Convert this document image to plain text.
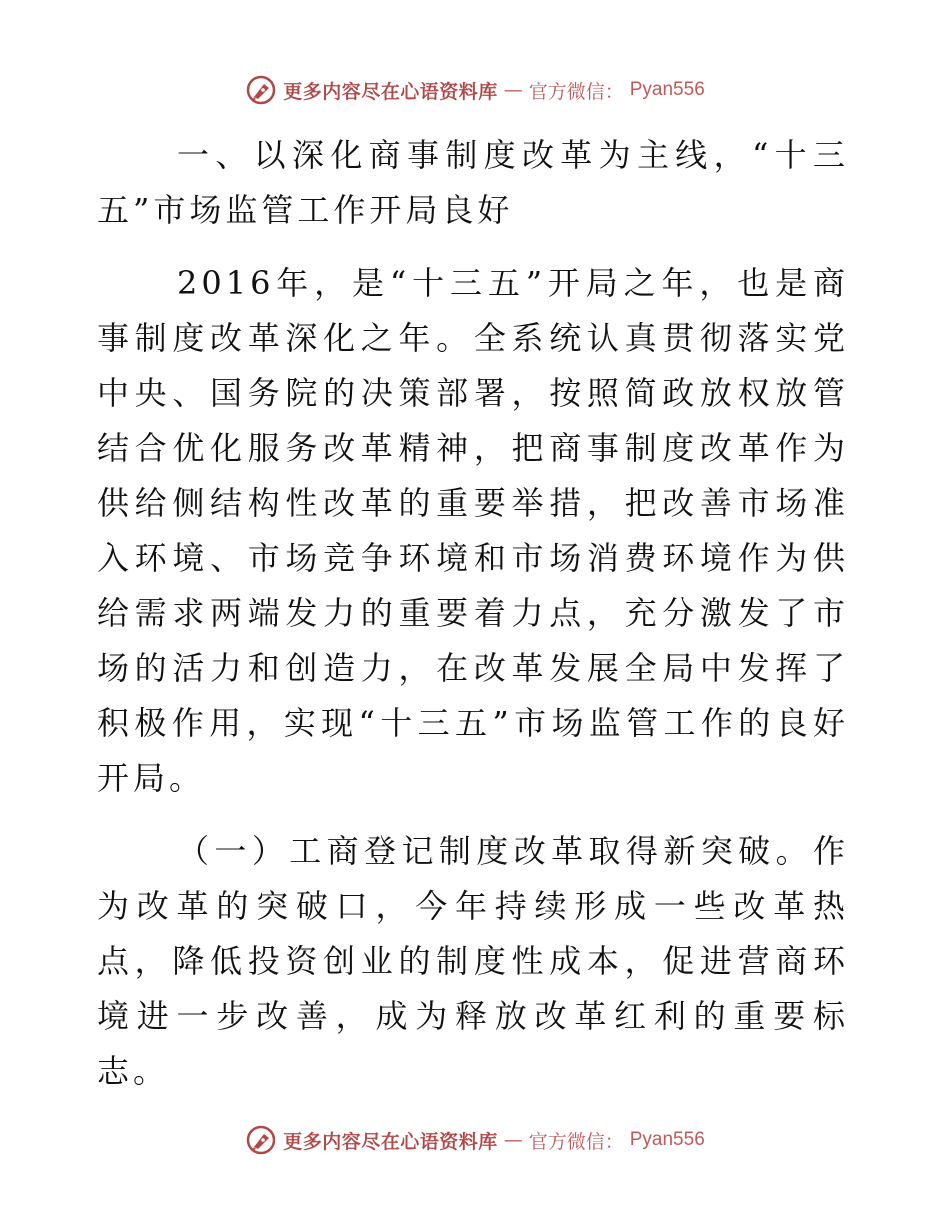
更多内容尽在心语资料库 — 官方微信： Pyan556

一、以深化商事制度改革为主线，“十三五”市场监管工作开局良好

2016年，是“十三五”开局之年，也是商事制度改革深化之年。全系统认真贯彻落实党中央、国务院的决策部署，按照简政放权放管结合优化服务改革精神，把商事制度改革作为供给侧结构性改革的重要举措，把改善市场准入环境、市场竞争环境和市场消费环境作为供给需求两端发力的重要着力点，充分激发了市场的活力和创造力，在改革发展全局中发挥了积极作用，实现“十三五”市场监管工作的良好开局。

（一）工商登记制度改革取得新突破。作为改革的突破口，今年持续形成一些改革热点，降低投资创业的制度性成本，促进营商环境进一步改善，成为释放改革红利的重要标志。

更多内容尽在心语资料库 — 官方微信： Pyan556
